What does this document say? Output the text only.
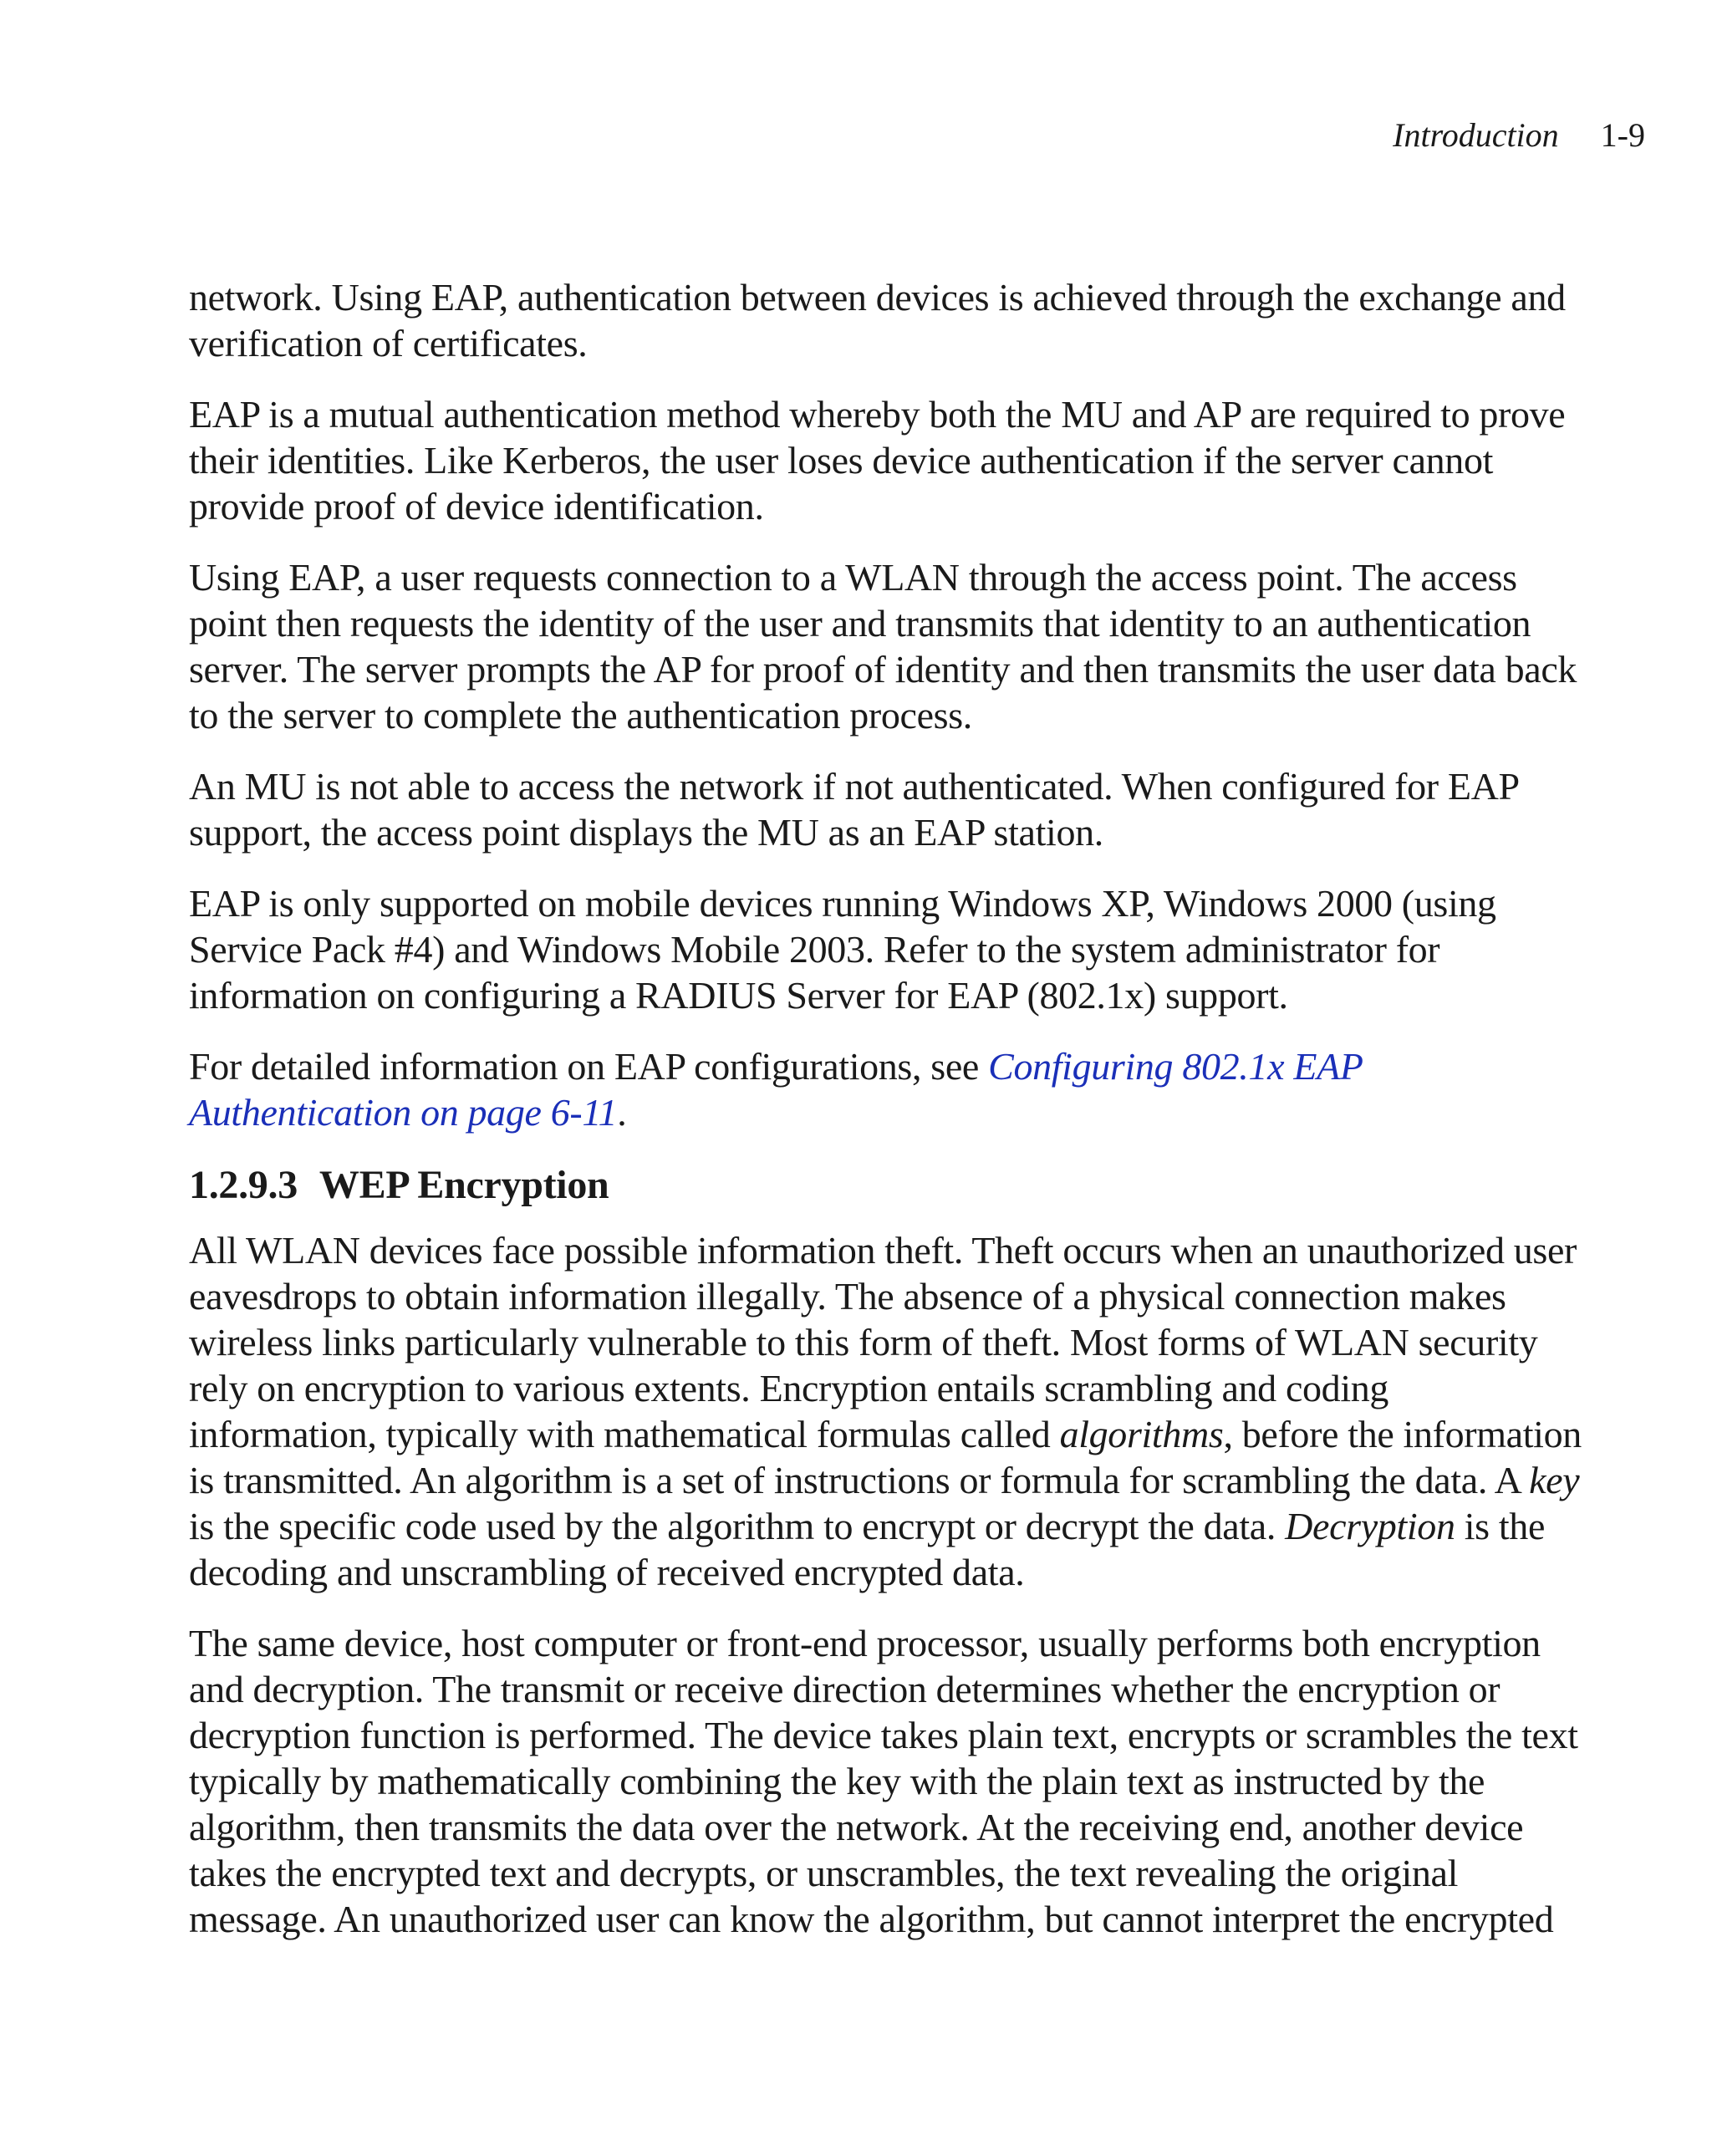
Introduction 1-9

network. Using EAP, authentication between devices is achieved through the exchange and verification of certificates.

EAP is a mutual authentication method whereby both the MU and AP are required to prove their identities. Like Kerberos, the user loses device authentication if the server cannot provide proof of device identification.

Using EAP, a user requests connection to a WLAN through the access point. The access point then requests the identity of the user and transmits that identity to an authentication server. The server prompts the AP for proof of identity and then transmits the user data back to the server to complete the authentication process.

An MU is not able to access the network if not authenticated. When configured for EAP support, the access point displays the MU as an EAP station.

EAP is only supported on mobile devices running Windows XP, Windows 2000 (using Service Pack #4) and Windows Mobile 2003. Refer to the system administrator for information on configuring a RADIUS Server for EAP (802.1x) support.

For detailed information on EAP configurations, see Configuring 802.1x EAP Authentication on page 6-11.

1.2.9.3 WEP Encryption

All WLAN devices face possible information theft. Theft occurs when an unauthorized user eavesdrops to obtain information illegally. The absence of a physical connection makes wireless links particularly vulnerable to this form of theft. Most forms of WLAN security rely on encryption to various extents. Encryption entails scrambling and coding information, typically with mathematical formulas called algorithms, before the information is transmitted. An algorithm is a set of instructions or formula for scrambling the data. A key is the specific code used by the algorithm to encrypt or decrypt the data. Decryption is the decoding and unscrambling of received encrypted data.

The same device, host computer or front-end processor, usually performs both encryption and decryption. The transmit or receive direction determines whether the encryption or decryption function is performed. The device takes plain text, encrypts or scrambles the text typically by mathematically combining the key with the plain text as instructed by the algorithm, then transmits the data over the network. At the receiving end, another device takes the encrypted text and decrypts, or unscrambles, the text revealing the original message. An unauthorized user can know the algorithm, but cannot interpret the encrypted
